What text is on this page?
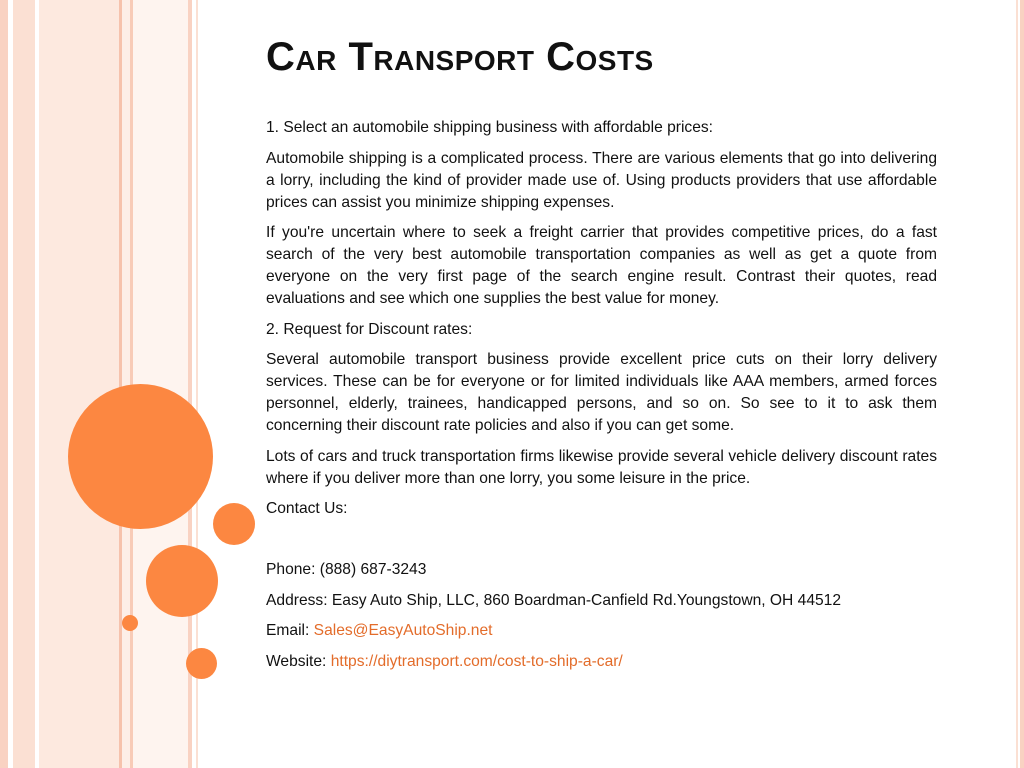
Car Transport Costs

1. Select an automobile shipping business with affordable prices:

Automobile shipping is a complicated process. There are various elements that go into delivering a lorry, including the kind of provider made use of. Using products providers that use affordable prices can assist you minimize shipping expenses.

If you're uncertain where to seek a freight carrier that provides competitive prices, do a fast search of the very best automobile transportation companies as well as get a quote from everyone on the very first page of the search engine result. Contrast their quotes, read evaluations and see which one supplies the best value for money.

2. Request for Discount rates:

Several automobile transport business provide excellent price cuts on their lorry delivery services. These can be for everyone or for limited individuals like AAA members, armed forces personnel, elderly, trainees, handicapped persons, and so on. So see to it to ask them concerning their discount rate policies and also if you can get some.

Lots of cars and truck transportation firms likewise provide several vehicle delivery discount rates where if you deliver more than one lorry, you some leisure in the price.

Contact Us:

Phone: (888) 687-3243

Address: Easy Auto Ship, LLC, 860 Boardman-Canfield Rd.Youngstown, OH 44512

Email: Sales@EasyAutoShip.net

Website: https://diytransport.com/cost-to-ship-a-car/
